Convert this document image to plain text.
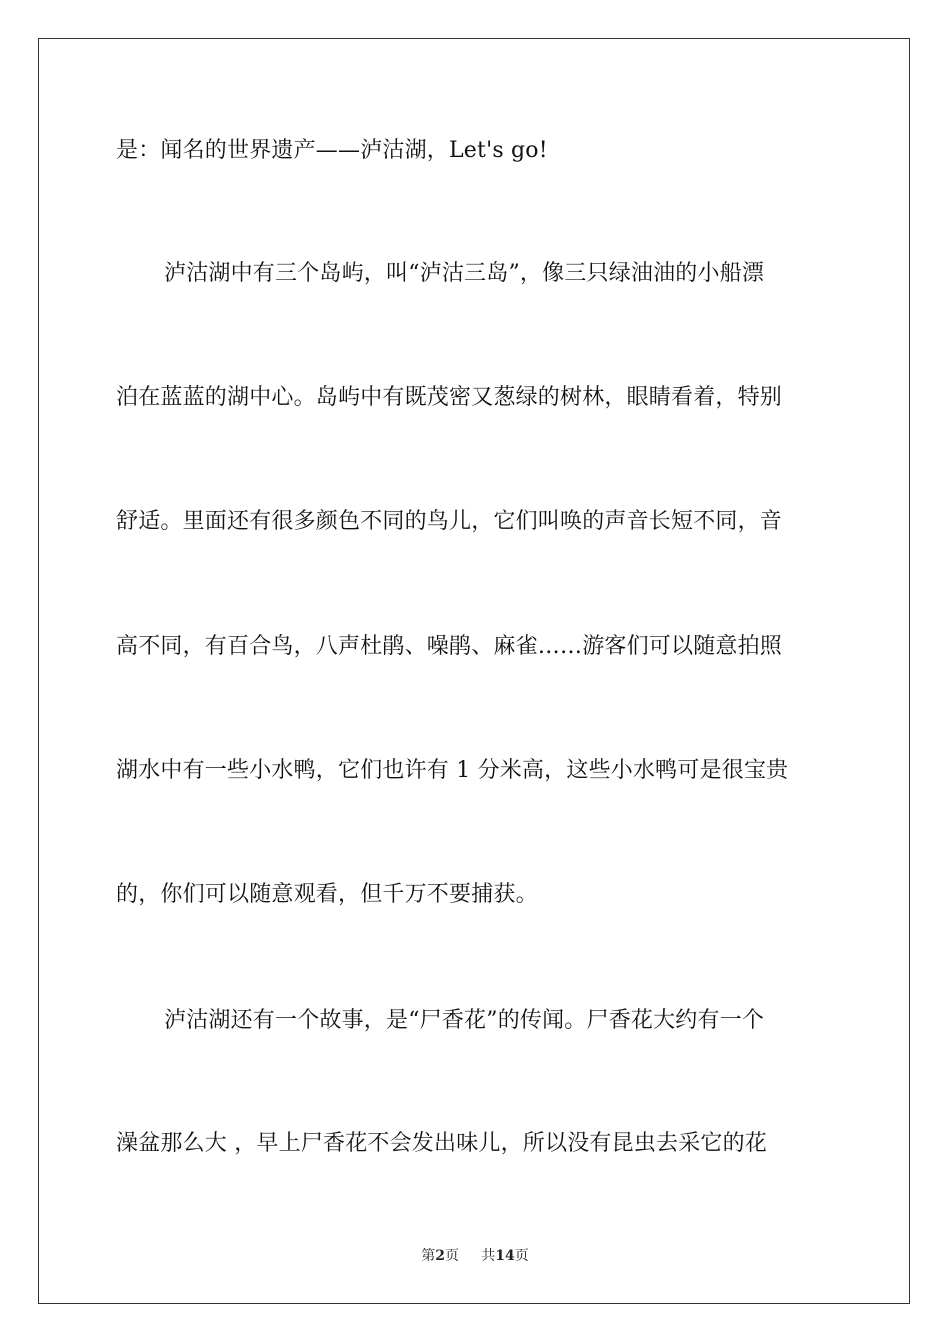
是：闻名的世界遗产——泸沽湖，Let's go!
泸沽湖中有三个岛屿，叫“泸沽三岛”，像三只绿油油的小船漂
泊在蓝蓝的湖中心。岛屿中有既茂密又葱绿的树林，眼睛看着，特别
舒适。里面还有很多颜色不同的鸟儿，它们叫唤的声音长短不同，音
高不同，有百合鸟，八声杜鹃、噪鹃、麻雀……游客们可以随意拍照
湖水中有一些小水鸭，它们也许有 1 分米高，这些小水鸭可是很宝贵
的，你们可以随意观看，但千万不要捕获。
泸沽湖还有一个故事，是“尸香花”的传闻。尸香花大约有一个
澡盆那么大 ，早上尸香花不会发出味儿，所以没有昆虫去采它的花
第2页 共14页
